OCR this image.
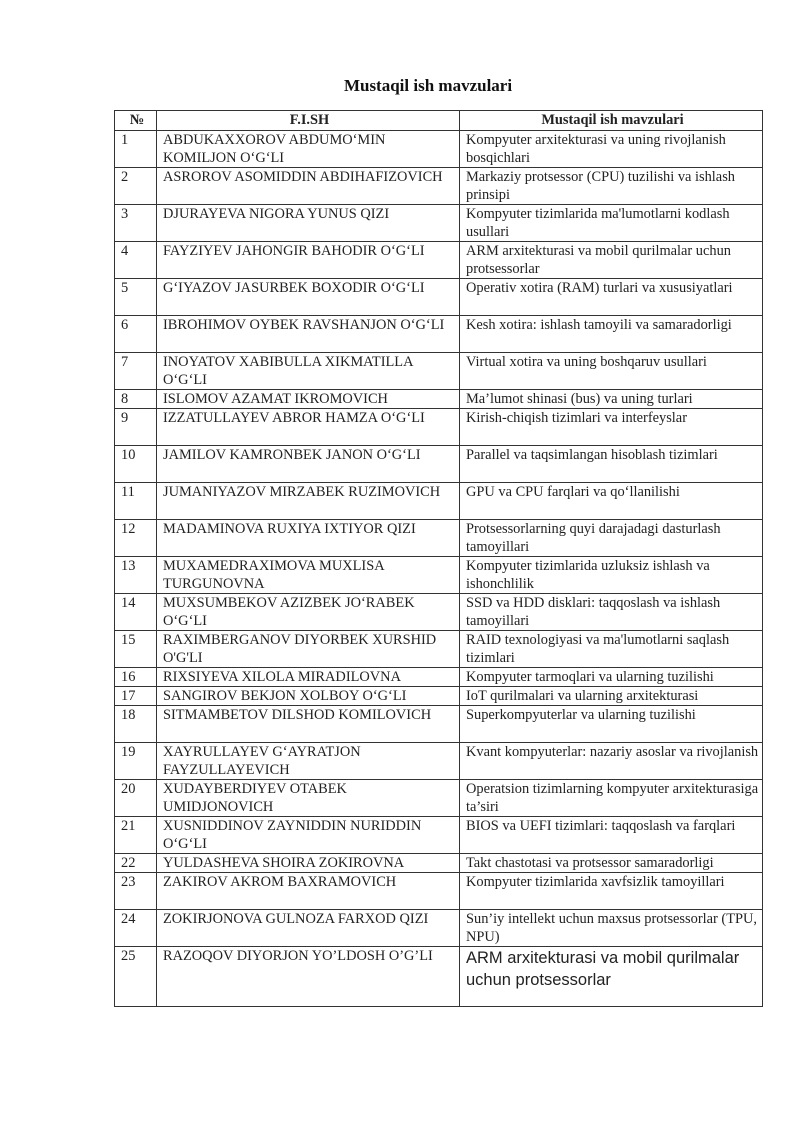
Mustaqil ish mavzulari
№	F.I.SH	Mustaqil ish mavzulari
1	ABDUKAXXOROV ABDUMO‘MIN KOMILJON O‘G‘LI	Kompyuter arxitekturasi va uning rivojlanish bosqichlari
2	ASROROV ASOMIDDIN ABDIHAFIZOVICH	Markaziy protsessor (CPU) tuzilishi va ishlash prinsipi
3	DJURAYEVA NIGORA YUNUS QIZI	Kompyuter tizimlarida ma'lumotlarni kodlash usullari
4	FAYZIYEV JAHONGIR BAHODIR O‘G‘LI	ARM arxitekturasi va mobil qurilmalar uchun protsessorlar
5	G‘IYAZOV JASURBEK BOXODIR O‘G‘LI	Operativ xotira (RAM) turlari va xususiyatlari
6	IBROHIMOV OYBEK RAVSHANJON O‘G‘LI	Kesh xotira: ishlash tamoyili va samaradorligi
7	INOYATOV XABIBULLA XIKMATILLA O‘G‘LI	Virtual xotira va uning boshqaruv usullari
8	ISLOMOV AZAMAT IKROMOVICH	Ma’lumot shinasi (bus) va uning turlari
9	IZZATULLAYEV ABROR HAMZA O‘G‘LI	Kirish-chiqish tizimlari va interfeyslar
10	JAMILOV KAMRONBEK JANON O‘G‘LI	Parallel va taqsimlangan hisoblash tizimlari
11	JUMANIYAZOV MIRZABEK RUZIMOVICH	GPU va CPU farqlari va qo‘llanilishi
12	MADAMINOVA RUXIYA IXTIYOR QIZI	Protsessorlarning quyi darajadagi dasturlash tamoyillari
13	MUXAMEDRAXIMOVA MUXLISA TURGUNOVNA	Kompyuter tizimlarida uzluksiz ishlash va ishonchlilik
14	MUXSUMBEKOV AZIZBEK JO‘RABEK O‘G‘LI	SSD va HDD disklari: taqqoslash va ishlash tamoyillari
15	RAXIMBERGANOV DIYORBEK XURSHID O'G'LI	RAID texnologiyasi va ma'lumotlarni saqlash tizimlari
16	RIXSIYEVA XILOLA MIRADILOVNA	Kompyuter tarmoqlari va ularning tuzilishi
17	SANGIROV BEKJON XOLBOY O‘G‘LI	IoT qurilmalari va ularning arxitekturasi
18	SITMAMBETOV DILSHOD KOMILOVICH	Superkompyuterlar va ularning tuzilishi
19	XAYRULLAYEV G‘AYRATJON FAYZULLAYEVICH	Kvant kompyuterlar: nazariy asoslar va rivojlanish
20	XUDAYBERDIYEV OTABEK UMIDJONOVICH	Operatsion tizimlarning kompyuter arxitekturasiga ta’siri
21	XUSNIDDINOV ZAYNIDDIN NURIDDIN O‘G‘LI	BIOS va UEFI tizimlari: taqqoslash va farqlari
22	YULDASHEVA SHOIRA ZOKIROVNA	Takt chastotasi va protsessor samaradorligi
23	ZAKIROV AKROM BAXRAMOVICH	Kompyuter tizimlarida xavfsizlik tamoyillari
24	ZOKIRJONOVA GULNOZA FARXOD QIZI	Sun’iy intellekt uchun maxsus protsessorlar (TPU, NPU)
25	RAZOQOV DIYORJON YO’LDOSH O’G’LI	ARM arxitekturasi va mobil qurilmalar uchun protsessorlar
